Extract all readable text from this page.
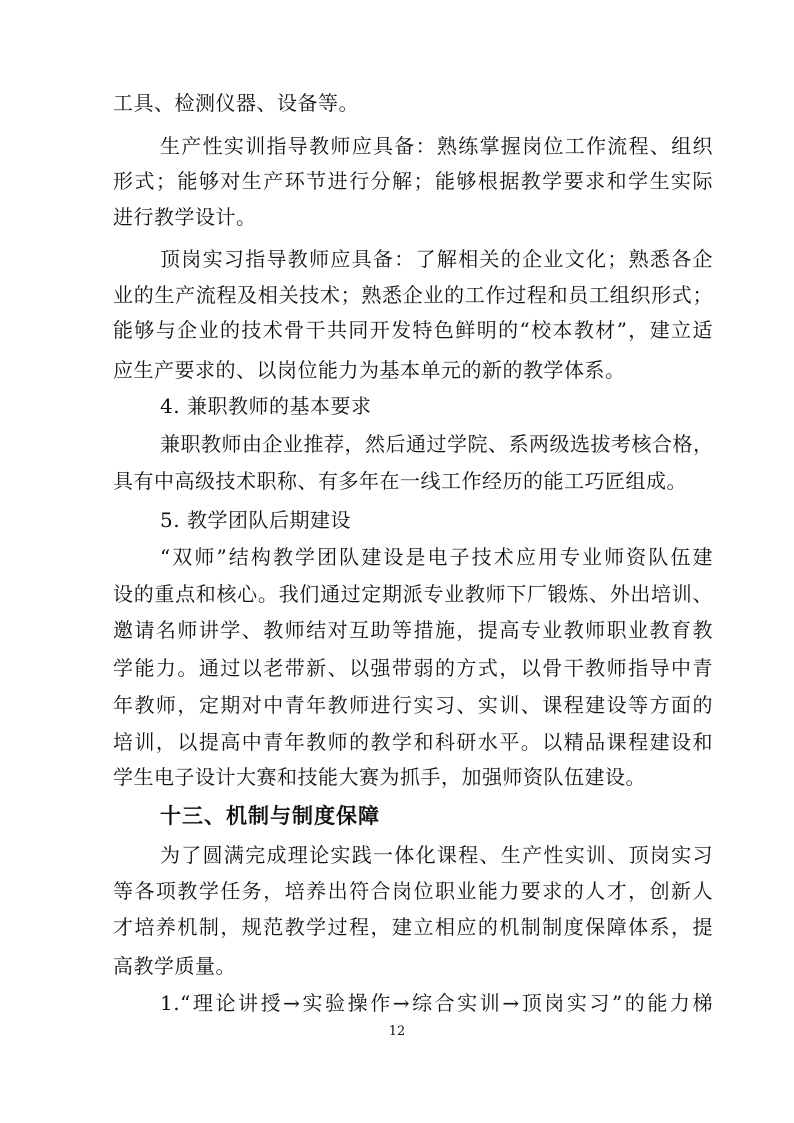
工具、检测仪器、设备等。
生产性实训指导教师应具备：熟练掌握岗位工作流程、组织
形式；能够对生产环节进行分解；能够根据教学要求和学生实际
进行教学设计。
顶岗实习指导教师应具备：了解相关的企业文化；熟悉各企
业的生产流程及相关技术；熟悉企业的工作过程和员工组织形式；
能够与企业的技术骨干共同开发特色鲜明的“校本教材”，建立适
应生产要求的、以岗位能力为基本单元的新的教学体系。
4. 兼职教师的基本要求
兼职教师由企业推荐，然后通过学院、系两级选拔考核合格，
具有中高级技术职称、有多年在一线工作经历的能工巧匠组成。
5. 教学团队后期建设
“双师”结构教学团队建设是电子技术应用专业师资队伍建
设的重点和核心。我们通过定期派专业教师下厂锻炼、外出培训、
邀请名师讲学、教师结对互助等措施，提高专业教师职业教育教
学能力。通过以老带新、以强带弱的方式，以骨干教师指导中青
年教师，定期对中青年教师进行实习、实训、课程建设等方面的
培训，以提高中青年教师的教学和科研水平。以精品课程建设和
学生电子设计大赛和技能大赛为抓手，加强师资队伍建设。
十三、机制与制度保障
为了圆满完成理论实践一体化课程、生产性实训、顶岗实习
等各项教学任务，培养出符合岗位职业能力要求的人才，创新人
才培养机制，规范教学过程，建立相应的机制制度保障体系，提
高教学质量。
1.“理论讲授→实验操作→综合实训→顶岗实习”的能力梯
12
